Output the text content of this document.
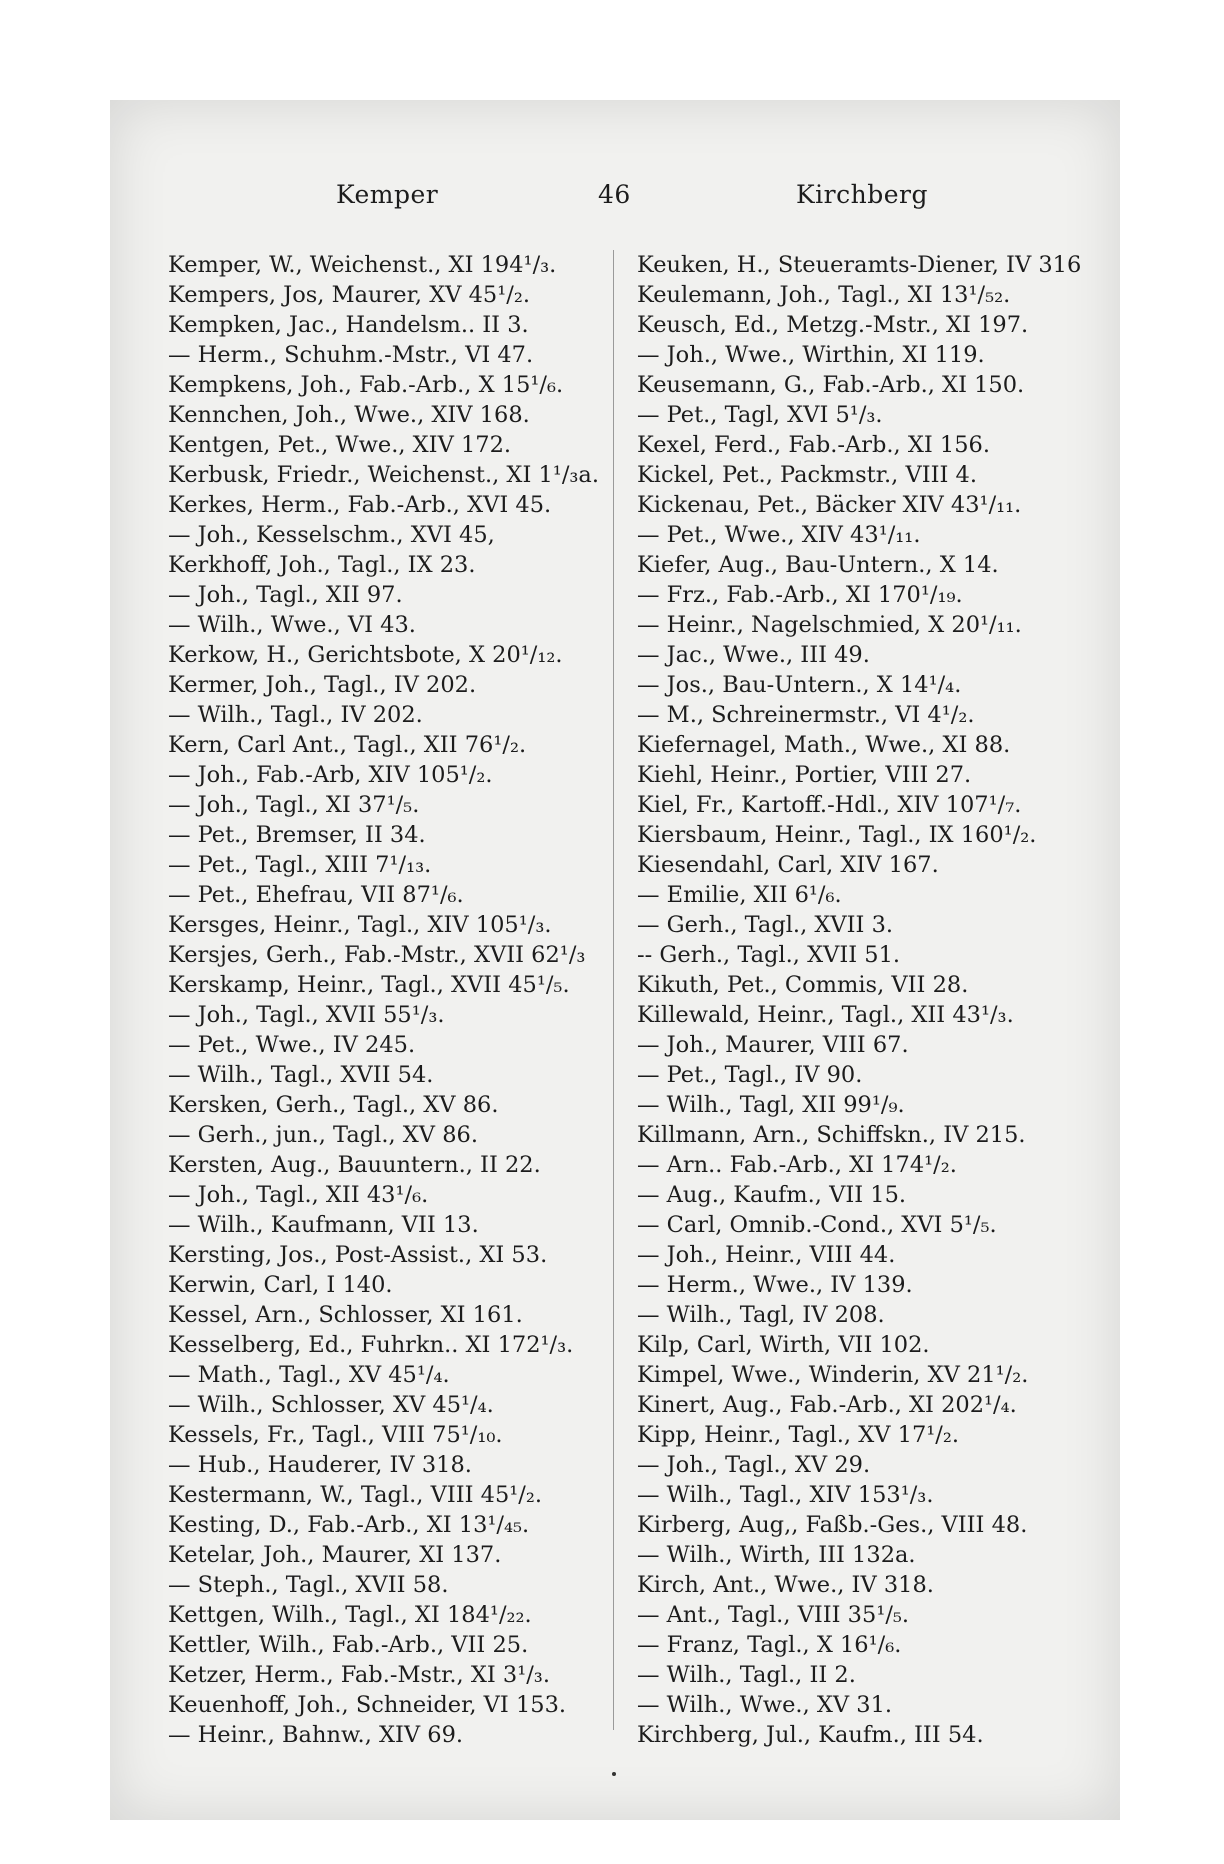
Kemper	46	Kirchberg
Kemper, W., Weichenst., XI 194¹/₃.
Kempers, Jos, Maurer, XV 45¹/₂.
Kempken, Jac., Handelsm.. II 3.
— Herm., Schuhm.-Mstr., VI 47.
Kempkens, Joh., Fab.-Arb., X 15¹/₆.
Kennchen, Joh., Wwe., XIV 168.
Kentgen, Pet., Wwe., XIV 172.
Kerbusk, Friedr., Weichenst., XI 1¹/₃a.
Kerkes, Herm., Fab.-Arb., XVI 45.
— Joh., Kesselschm., XVI 45,
Kerkhoff, Joh., Tagl., IX 23.
— Joh., Tagl., XII 97.
— Wilh., Wwe., VI 43.
Kerkow, H., Gerichtsbote, X 20¹/₁₂.
Kermer, Joh., Tagl., IV 202.
— Wilh., Tagl., IV 202.
Kern, Carl Ant., Tagl., XII 76¹/₂.
— Joh., Fab.-Arb, XIV 105¹/₂.
— Joh., Tagl., XI 37¹/₅.
— Pet., Bremser, II 34.
— Pet., Tagl., XIII 7¹/₁₃.
— Pet., Ehefrau, VII 87¹/₆.
Kersges, Heinr., Tagl., XIV 105¹/₃.
Kersjes, Gerh., Fab.-Mstr., XVII 62¹/₃
Kerskamp, Heinr., Tagl., XVII 45¹/₅.
— Joh., Tagl., XVII 55¹/₃.
— Pet., Wwe., IV 245.
— Wilh., Tagl., XVII 54.
Kersken, Gerh., Tagl., XV 86.
— Gerh., jun., Tagl., XV 86.
Kersten, Aug., Bauuntern., II 22.
— Joh., Tagl., XII 43¹/₆.
— Wilh., Kaufmann, VII 13.
Kersting, Jos., Post-Assist., XI 53.
Kerwin, Carl, I 140.
Kessel, Arn., Schlosser, XI 161.
Kesselberg, Ed., Fuhrkn.. XI 172¹/₃.
— Math., Tagl., XV 45¹/₄.
— Wilh., Schlosser, XV 45¹/₄.
Kessels, Fr., Tagl., VIII 75¹/₁₀.
— Hub., Hauderer, IV 318.
Kestermann, W., Tagl., VIII 45¹/₂.
Kesting, D., Fab.-Arb., XI 13¹/₄₅.
Ketelar, Joh., Maurer, XI 137.
— Steph., Tagl., XVII 58.
Kettgen, Wilh., Tagl., XI 184¹/₂₂.
Kettler, Wilh., Fab.-Arb., VII 25.
Ketzer, Herm., Fab.-Mstr., XI 3¹/₃.
Keuenhoff, Joh., Schneider, VI 153.
— Heinr., Bahnw., XIV 69.
Keuken, H., Steueramts-Diener, IV 316
Keulemann, Joh., Tagl., XI 13¹/₅₂.
Keusch, Ed., Metzg.-Mstr., XI 197.
— Joh., Wwe., Wirthin, XI 119.
Keusemann, G., Fab.-Arb., XI 150.
— Pet., Tagl, XVI 5¹/₃.
Kexel, Ferd., Fab.-Arb., XI 156.
Kickel, Pet., Packmstr., VIII 4.
Kickenau, Pet., Bäcker XIV 43¹/₁₁.
— Pet., Wwe., XIV 43¹/₁₁.
Kiefer, Aug., Bau-Untern., X 14.
— Frz., Fab.-Arb., XI 170¹/₁₉.
— Heinr., Nagelschmied, X 20¹/₁₁.
— Jac., Wwe., III 49.
— Jos., Bau-Untern., X 14¹/₄.
— M., Schreinermstr., VI 4¹/₂.
Kiefernagel, Math., Wwe., XI 88.
Kiehl, Heinr., Portier, VIII 27.
Kiel, Fr., Kartoff.-Hdl., XIV 107¹/₇.
Kiersbaum, Heinr., Tagl., IX 160¹/₂.
Kiesendahl, Carl, XIV 167.
— Emilie, XII 6¹/₆.
— Gerh., Tagl., XVII 3.
-- Gerh., Tagl., XVII 51.
Kikuth, Pet., Commis, VII 28.
Killewald, Heinr., Tagl., XII 43¹/₃.
— Joh., Maurer, VIII 67.
— Pet., Tagl., IV 90.
— Wilh., Tagl, XII 99¹/₉.
Killmann, Arn., Schiffskn., IV 215.
— Arn.. Fab.-Arb., XI 174¹/₂.
— Aug., Kaufm., VII 15.
— Carl, Omnib.-Cond., XVI 5¹/₅.
— Joh., Heinr., VIII 44.
— Herm., Wwe., IV 139.
— Wilh., Tagl, IV 208.
Kilp, Carl, Wirth, VII 102.
Kimpel, Wwe., Winderin, XV 21¹/₂.
Kinert, Aug., Fab.-Arb., XI 202¹/₄.
Kipp, Heinr., Tagl., XV 17¹/₂.
— Joh., Tagl., XV 29.
— Wilh., Tagl., XIV 153¹/₃.
Kirberg, Aug,, Faßb.-Ges., VIII 48.
— Wilh., Wirth, III 132a.
Kirch, Ant., Wwe., IV 318.
— Ant., Tagl., VIII 35¹/₅.
— Franz, Tagl., X 16¹/₆.
— Wilh., Tagl., II 2.
— Wilh., Wwe., XV 31.
Kirchberg, Jul., Kaufm., III 54.
